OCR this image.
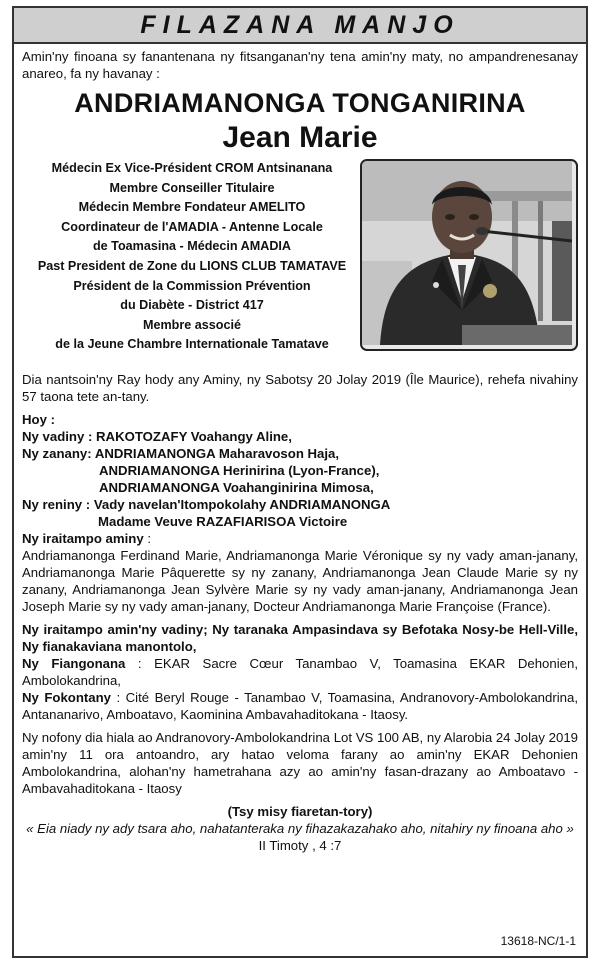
FILAZANA MANJO

Amin'ny finoana sy fanantenana ny fitsanganan'ny tena amin'ny maty, no ampandrenesanay anareo, fa ny havanay :

ANDRIAMANONGA TONGANIRINA

Jean Marie

Médecin Ex Vice-Président CROM Antsinanana
Membre Conseiller Titulaire
Médecin Membre Fondateur AMELITO
Coordinateur de l'AMADIA - Antenne Locale
de Toamasina - Médecin AMADIA
Past President de Zone du LIONS CLUB TAMATAVE
Président de la Commission Prévention
du Diabète - District 417
Membre associé
de la Jeune Chambre Internationale Tamatave

Dia nantsoin'ny Ray hody any Aminy, ny Sabotsy 20 Jolay 2019 (Île Maurice), rehefa nivahiny 57 taona tete an-tany.

Hoy :

Ny vadiny : RAKOTOZAFY Voahangy Aline,

Ny zanany: ANDRIAMANONGA Maharavoson Haja,

ANDRIAMANONGA Herinirina (Lyon-France),

ANDRIAMANONGA Voahanginirina Mimosa,

Ny reniny : Vady navelan'Itompokolahy ANDRIAMANONGA

Madame Veuve RAZAFIARISOA Victoire

Ny iraitampo aminy :

Andriamanonga Ferdinand Marie, Andriamanonga Marie Véronique sy ny vady aman-janany, Andriamanonga Marie Pâquerette sy ny zanany, Andriamanonga Jean Claude Marie sy ny zanany, Andriamanonga Jean Sylvère Marie sy ny vady aman-janany, Andriamanonga Jean Joseph Marie sy ny vady aman-janany, Docteur Andriamanonga Marie Françoise (France).

Ny iraitampo amin'ny vadiny; Ny taranaka Ampasindava sy Befotaka Nosy-be Hell-Ville, Ny fianakaviana manontolo,

Ny Fiangonana : EKAR Sacre Cœur Tanambao V, Toamasina EKAR Dehonien, Ambolokandrina,

Ny Fokontany : Cité Beryl Rouge - Tanambao V, Toamasina, Andranovory-Ambolokandrina, Antananarivo, Amboatavo, Kaominina Ambavahaditokana - Itaosy.

Ny nofony dia hiala ao Andranovory-Ambolokandrina Lot VS 100 AB, ny Alarobia 24 Jolay 2019 amin'ny 11 ora antoandro, ary hatao veloma farany ao amin'ny EKAR Dehonien Ambolokandrina, alohan'ny hametrahana azy ao amin'ny fasan-drazany ao Amboatavo - Ambavahaditokana - Itaosy

(Tsy misy fiaretan-tory)

« Eia niady ny ady tsara aho, nahatanteraka ny fihazakazahako aho, nitahiry ny finoana aho » II Timoty , 4 :7

13618-NC/1-1
